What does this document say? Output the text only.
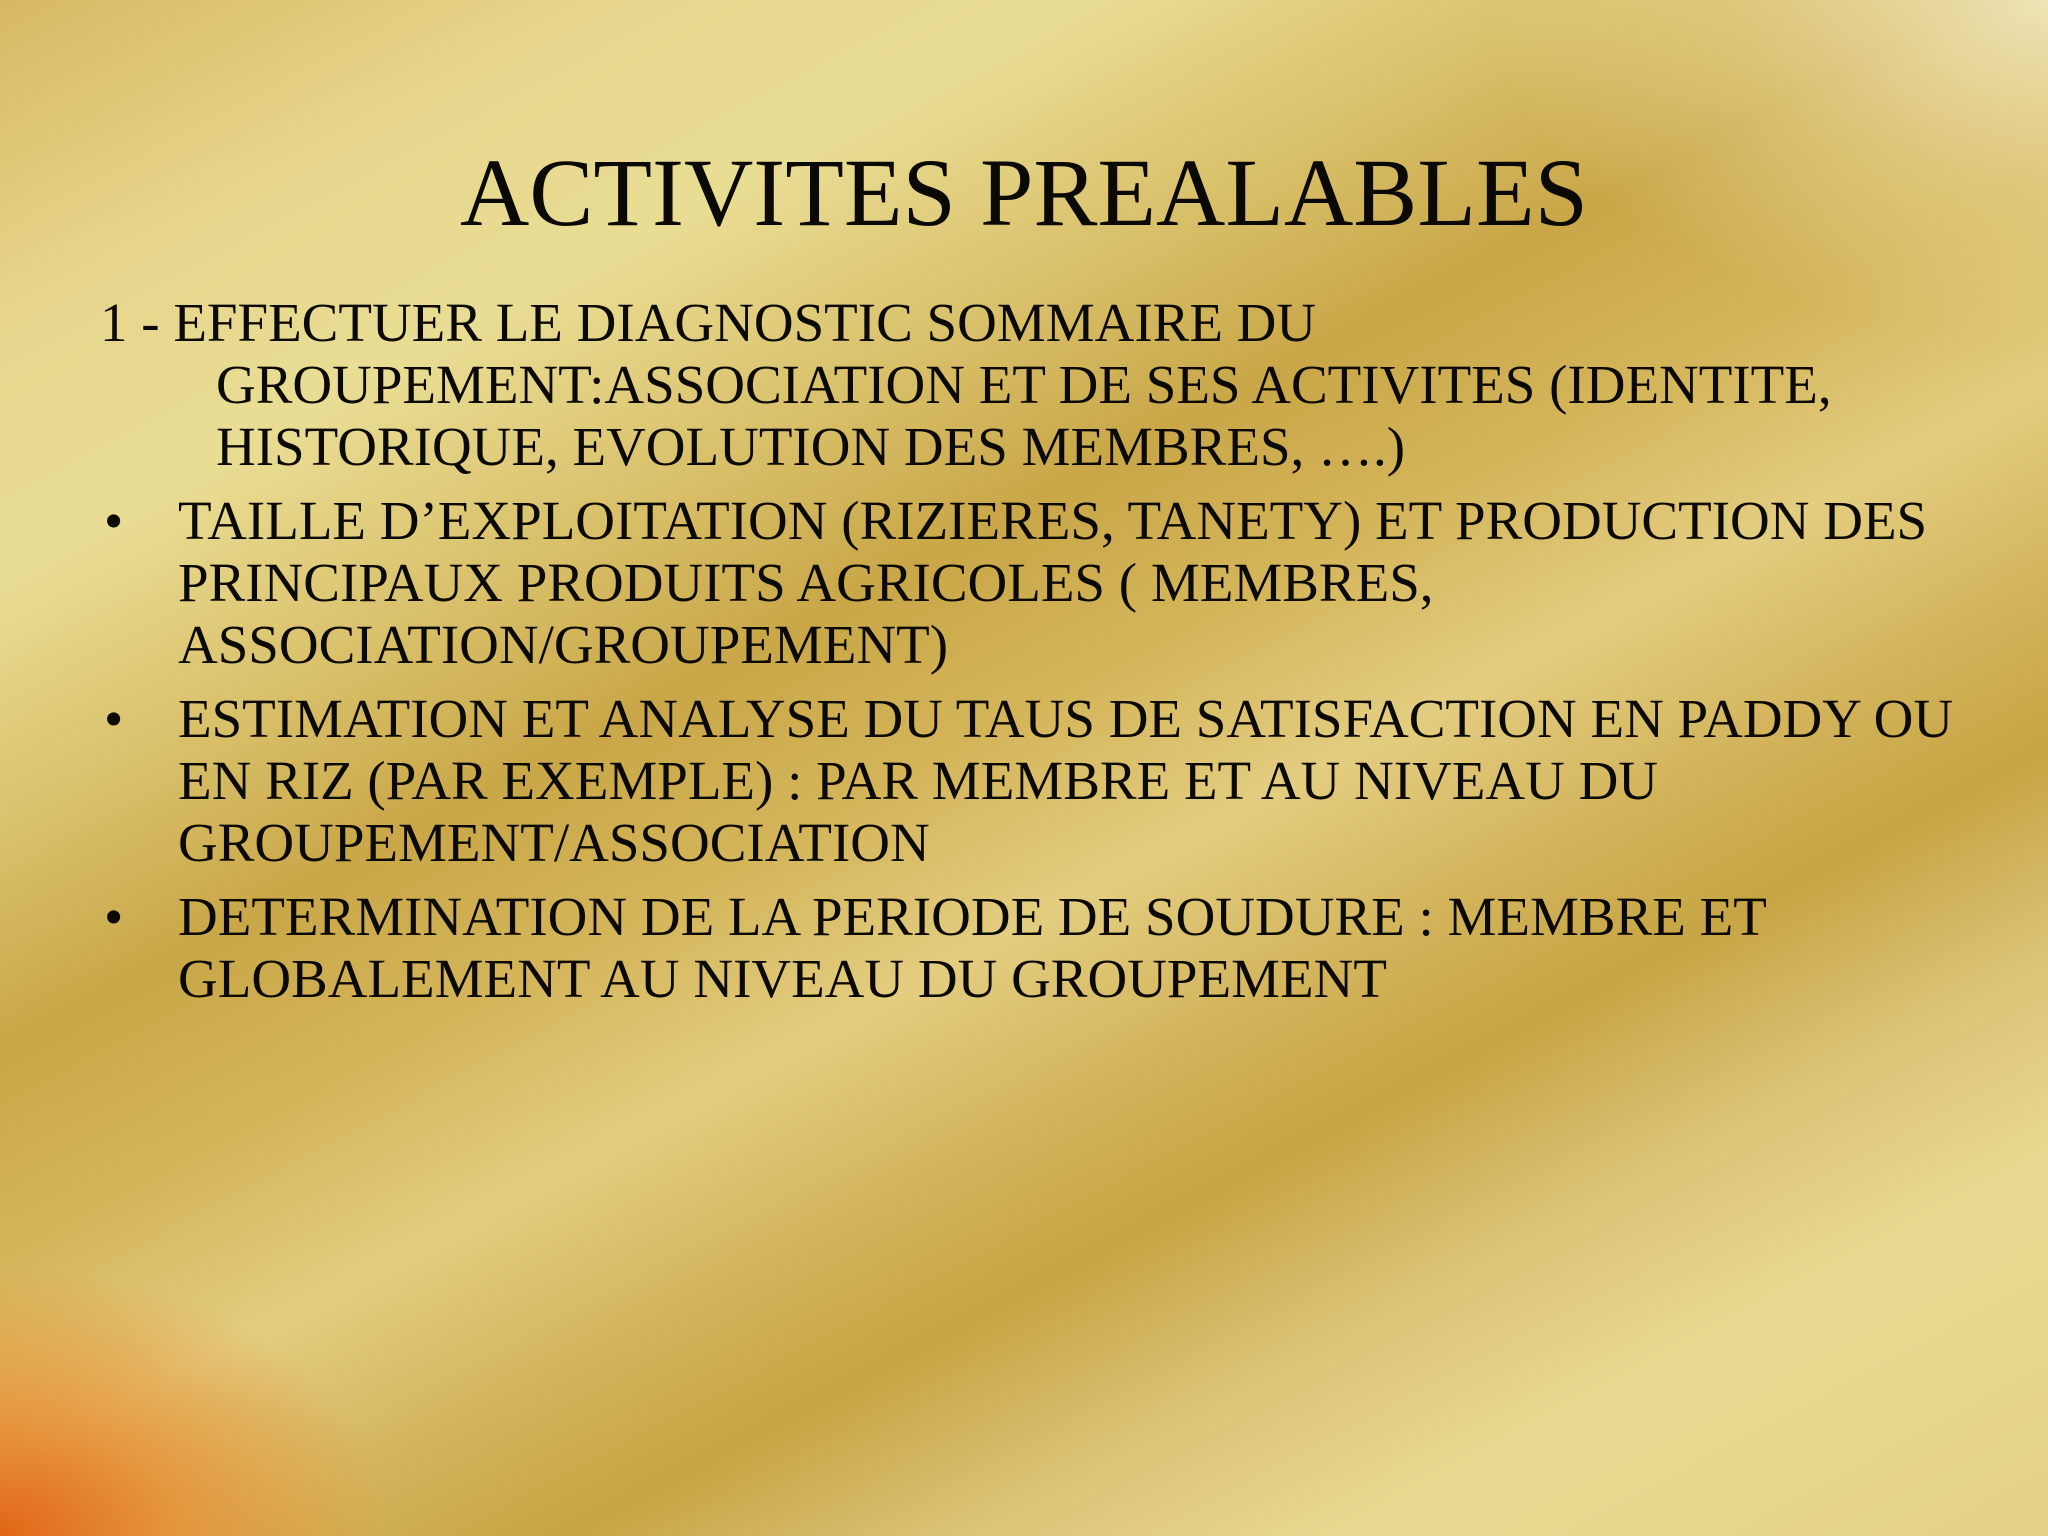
ACTIVITES PREALABLES

1 - EFFECTUER LE DIAGNOSTIC SOMMAIRE DU GROUPEMENT:ASSOCIATION ET DE SES ACTIVITES (IDENTITE, HISTORIQUE, EVOLUTION DES MEMBRES, ….)

• TAILLE D’EXPLOITATION (RIZIERES, TANETY) ET PRODUCTION DES PRINCIPAUX PRODUITS AGRICOLES ( MEMBRES, ASSOCIATION/GROUPEMENT)
• ESTIMATION ET ANALYSE DU TAUS DE SATISFACTION EN PADDY OU EN RIZ (PAR EXEMPLE) : PAR MEMBRE ET AU NIVEAU DU GROUPEMENT/ASSOCIATION
• DETERMINATION DE LA PERIODE DE SOUDURE : MEMBRE ET GLOBALEMENT AU NIVEAU DU GROUPEMENT
